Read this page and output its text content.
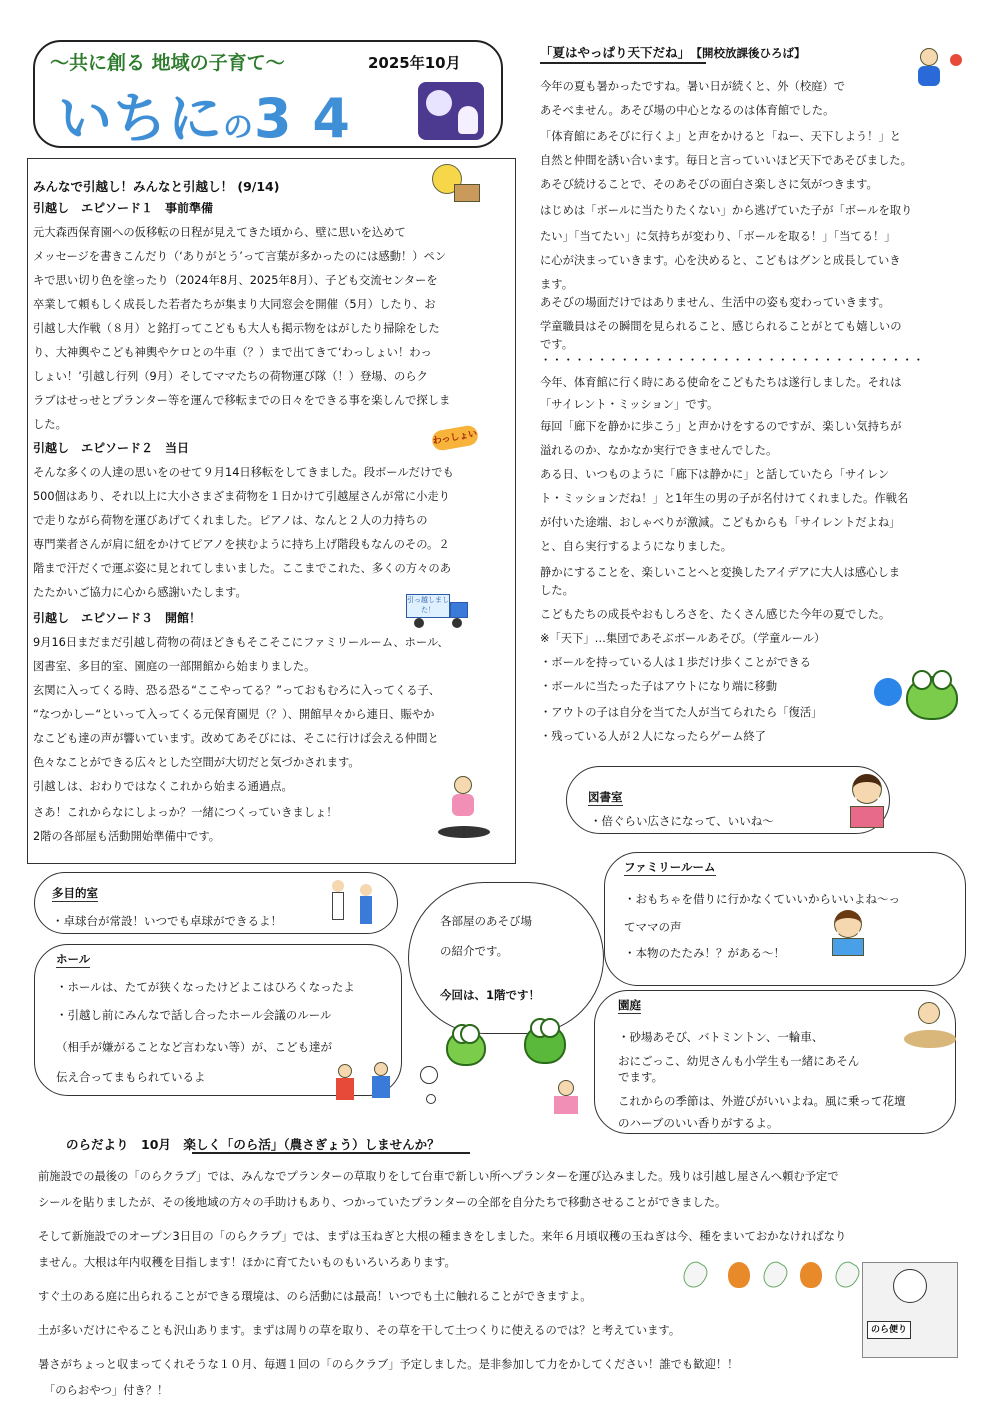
～共に創る 地域の子育て～	2025年10月
いちにの3 4
みんなで引越し！みんなと引越し！ (9/14)
引越し　エピソード１　事前準備
元大森西保育園への仮移転の日程が見えてきた頃から、壁に思いを込めて
メッセージを書きこんだり（‘ありがとう’って言葉が多かったのには感動！）ペン
キで思い切り色を塗ったり（2024年8月、2025年8月）、子ども交流センターを
卒業して頼もしく成長した若者たちが集まり大同窓会を開催（5月）したり、お
引越し大作戦（８月）と銘打ってこどもも大人も掲示物をはがしたり掃除をした
り、大神輿やこども神輿やケロとの牛車（？）まで出てきて‘わっしょい！わっ
しょい！’引越し行列（9月）そしてママたちの荷物運び隊（！）登場、のらク
ラブはせっせとプランター等を運んで移転までの日々をできる事を楽しんで探しま
した。
わっしょい
引越し　エピソード２　当日
そんな多くの人達の思いをのせて９月14日移転をしてきました。段ボールだけでも
500個はあり、それ以上に大小さまざま荷物を１日かけて引越屋さんが常に小走り
で走りながら荷物を運びあげてくれました。ピアノは、なんと２人の力持ちの
専門業者さんが肩に紐をかけてピアノを挟むように持ち上げ階段もなんのその。２
階まで汗だくで運ぶ姿に見とれてしまいました。ここまでこれた、多くの方々のあ
たたかいご協力に心から感謝いたします。
引っ越しました！
引越し　エピソード３　開館！
9月16日まだまだ引越し荷物の荷ほどきもそこそこにファミリールーム、ホール、
図書室、多目的室、園庭の一部開館から始まりました。
玄関に入ってくる時、恐る恐る“ここやってる？”っておもむろに入ってくる子、
“なつかしー“といって入ってくる元保育園児（？）、開館早々から連日、賑やか
なこども達の声が響いています。改めてあそびには、そこに行けば会える仲間と
色々なことができる広々とした空間が大切だと気づかされます。
引越しは、おわりではなくこれから始まる通過点。
さあ！これからなにしよっか？一緒につくっていきましょ！
2階の各部屋も活動開始準備中です。
「夏はやっぱり天下だね」　 【開校放課後ひろば】
今年の夏も暑かったですね。暑い日が続くと、外（校庭）で
あそべません。あそび場の中心となるのは体育館でした。
「体育館にあそびに行くよ」と声をかけると「ねー、天下しよう！」と
自然と仲間を誘い合います。毎日と言っていいほど天下であそびました。
あそび続けることで、そのあそびの面白さ楽しさに気がつきます。
はじめは「ボールに当たりたくない」から逃げていた子が「ボールを取り
たい」「当てたい」に気持ちが変わり、「ボールを取る！」「当てる！」
に心が決まっていきます。心を決めると、こどもはグンと成長していき
ます。
あそびの場面だけではありません、生活中の姿も変わっていきます。
学童職員はその瞬間を見られること、感じられることがとても嬉しいの
です。
・・・・・・・・・・・・・・・・・・・・・・・・・・・・・・・・・・
今年、体育館に行く時にある使命をこどもたちは遂行しました。それは
「サイレント・ミッション」です。
毎回「廊下を静かに歩こう」と声かけをするのですが、楽しい気持ちが
溢れるのか、なかなか実行できませんでした。
ある日、いつものように「廊下は静かに」と話していたら「サイレン
ト・ミッションだね！」と1年生の男の子が名付けてくれました。作戦名
が付いた途端、おしゃべりが激減。こどもからも「サイレントだよね」
と、自ら実行するようになりました。
静かにすることを、楽しいことへと変換したアイデアに大人は感心しま
した。
こどもたちの成長やおもしろさを、たくさん感じた今年の夏でした。
※「天下」…集団であそぶボールあそび。（学童ルール）
・ボールを持っている人は１歩だけ歩くことができる
・ボールに当たった子はアウトになり端に移動
・アウトの子は自分を当てた人が当てられたら「復活」
・残っている人が２人になったらゲーム終了
図書室
・倍ぐらい広さになって、いいね～
ファミリールーム
・おもちゃを借りに行かなくていいからいいよね～っ
てママの声
・本物のたたみ！？がある～！
多目的室
・卓球台が常設！いつでも卓球ができるよ！
ホール
・ホールは、たてが狭くなったけどよこはひろくなったよ
・引越し前にみんなで話し合ったホール会議のルール
（相手が嫌がることなど言わない等）が、こども達が
伝え合ってまもられているよ
各部屋のあそび場
の紹介です。
今回は、1階です！
園庭
・砂場あそび、バトミントン、一輪車、
おにごっこ、幼児さんも小学生も一緒にあそん
でます。
これからの季節は、外遊びがいいよね。風に乗って花壇
のハーブのいい香りがするよ。
のらだより　10月　 楽しく「のら活」（農さぎょう）しませんか？
前施設での最後の「のらクラブ」では、みんなでプランターの草取りをして台車で新しい所へプランターを運び込みました。残りは引越し屋さんへ頼む予定で
シールを貼りましたが、その後地域の方々の手助けもあり、つかっていたプランターの全部を自分たちで移動させることができました。
そして新施設でのオープン3日目の「のらクラブ」では、まずは玉ねぎと大根の種まきをしました。来年６月頃収穫の玉ねぎは今、種をまいておかなければなり
ません。大根は年内収穫を目指します！ほかに育てたいものもいろいろあります。
すぐ土のある庭に出られることができる環境は、のら活動には最高！いつでも土に触れることができますよ。
土が多いだけにやることも沢山あります。まずは周りの草を取り、その草を干して土つくりに使えるのでは？と考えています。
暑さがちょっと収まってくれそうな１０月、毎週１回の「のらクラブ」予定しました。是非参加して力をかしてください！誰でも歓迎！！
「のらおやつ」付き？！
のら便り
